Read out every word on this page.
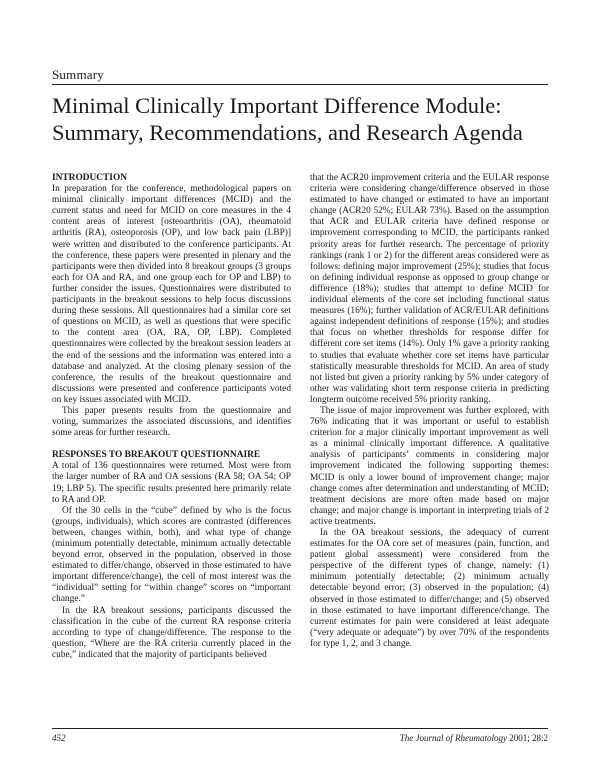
Summary
Minimal Clinically Important Difference Module:
Summary, Recommendations, and Research Agenda
INTRODUCTION

In preparation for the conference, methodological papers on minimal clinically important differences (MCID) and the current status and need for MCID on core measures in the 4 content areas of interest [osteoarthritis (OA), rheumatoid arthritis (RA), osteoporosis (OP), and low back pain (LBP)] were written and distributed to the conference participants. At the conference, these papers were presented in plenary and the participants were then divided into 8 breakout groups (3 groups each for OA and RA, and one group each for OP and LBP) to further consider the issues. Questionnaires were distributed to participants in the breakout sessions to help focus discussions during these sessions. All questionnaires had a similar core set of questions on MCID, as well as questions that were specific to the content area (OA, RA, OP, LBP). Completed questionnaires were collected by the breakout session leaders at the end of the sessions and the information was entered into a database and analyzed. At the closing plenary session of the conference, the results of the breakout questionnaire and discussions were presented and conference participants voted on key issues associated with MCID.

This paper presents results from the questionnaire and voting, summarizes the associated discussions, and identifies some areas for further research.

RESPONSES TO BREAKOUT QUESTIONNAIRE

A total of 136 questionnaires were returned. Most were from the larger number of RA and OA sessions (RA 58; OA 54; OP 19; LBP 5). The specific results presented here primarily relate to RA and OP.

Of the 30 cells in the “cube” defined by who is the focus (groups, individuals), which scores are contrasted (differences between, changes within, both), and what type of change (minimum potentially detectable, minimum actually detectable beyond error, observed in the population, observed in those estimated to differ/change, observed in those estimated to have important difference/change), the cell of most interest was the “individual” setting for “within change” scores on “important change.”

In the RA breakout sessions, participants discussed the classification in the cube of the current RA response criteria according to type of change/difference. The response to the question, “Where are the RA criteria currently placed in the cube,” indicated that the majority of participants believed

that the ACR20 improvement criteria and the EULAR response criteria were considering change/difference observed in those estimated to have changed or estimated to have an important change (ACR20 52%; EULAR 73%). Based on the assumption that ACR and EULAR criteria have defined response or improvement corresponding to MCID, the participants ranked priority areas for further research. The percentage of priority rankings (rank 1 or 2) for the different areas considered were as follows: defining major improvement (25%); studies that focus on defining individual response as opposed to group change or difference (18%); studies that attempt to define MCID for individual elements of the core set including functional status measures (16%); further validation of ACR/EULAR definitions against independent definitions of response (15%); and studies that focus on whether thresholds for response differ for different core set items (14%). Only 1% gave a priority ranking to studies that evaluate whether core set items have particular statistically measurable thresholds for MCID. An area of study not listed but given a priority ranking by 5% under category of other was validating short term response criteria in predicting longterm outcome received 5% priority ranking.

The issue of major improvement was further explored, with 76% indicating that it was important or useful to establish criterion for a major clinically important improvement as well as a minimal clinically important difference. A qualitative analysis of participants’ comments in considering major improvement indicated the following supporting themes: MCID is only a lower bound of improvement change; major change comes after determination and understanding of MCID; treatment decisions are more often made based on major change; and major change is important in interpreting trials of 2 active treatments.

In the OA breakout sessions, the adequacy of current estimates for the OA core set of measures (pain, function, and patient global assessment) were considered from the perspective of the different types of change, namely: (1) minimum potentially detectable; (2) minimum actually detectable beyond error; (3) observed in the population; (4) observed in those estimated to differ/change; and (5) observed in those estimated to have important difference/change. The current estimates for pain were considered at least adequate (“very adequate or adequate”) by over 70% of the respondents for type 1, 2, and 3 change.

452	The Journal of Rheumatology 2001; 28:2
